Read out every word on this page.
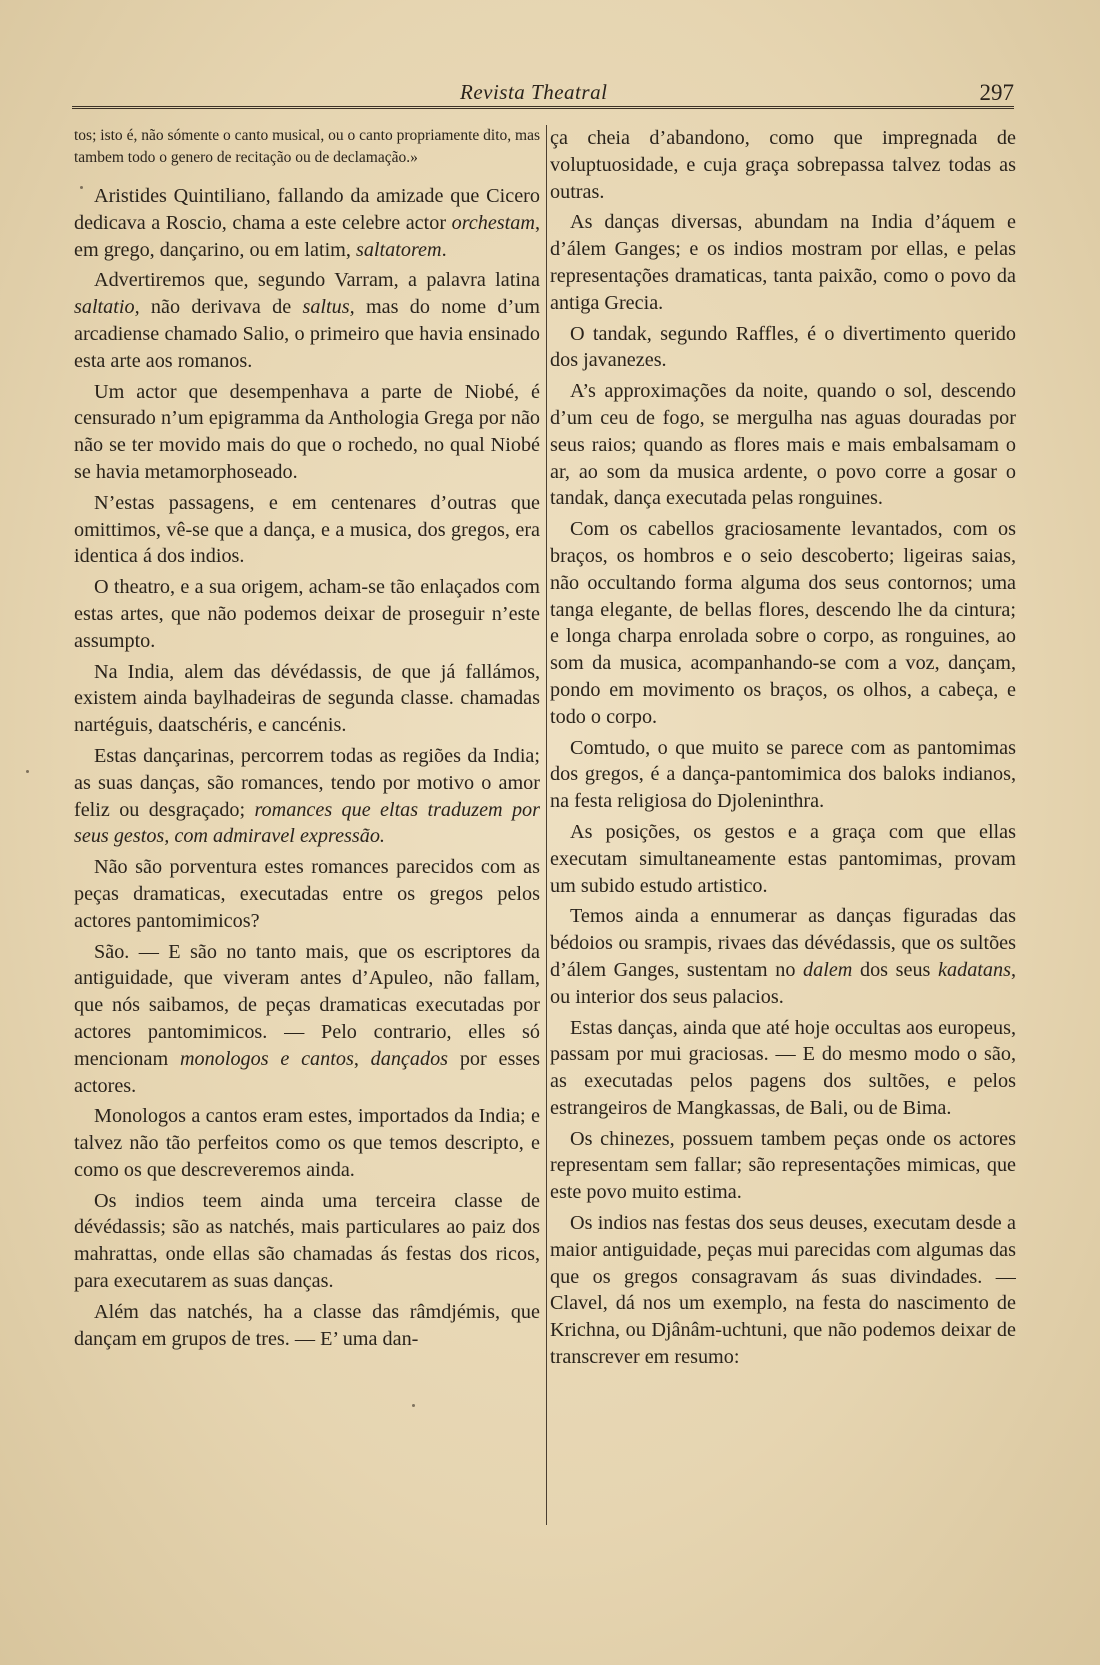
Revista Theatral	297

tos; isto é, não sómente o canto musical, ou o canto propriamente dito, mas tambem todo o genero de recitação ou de declamação.»

Aristides Quintiliano, fallando da amizade que Cicero dedicava a Roscio, chama a este celebre actor orchestam, em grego, dançarino, ou em latim, saltatorem.

Advertiremos que, segundo Varram, a palavra latina saltatio, não derivava de saltus, mas do nome d’um arcadiense chamado Salio, o primeiro que havia ensinado esta arte aos romanos.

Um actor que desempenhava a parte de Niobé, é censurado n’um epigramma da Anthologia Grega por não não se ter movido mais do que o rochedo, no qual Niobé se havia metamorphoseado.

N’estas passagens, e em centenares d’outras que omittimos, vê-se que a dança, e a musica, dos gregos, era identica á dos indios.

O theatro, e a sua origem, acham-se tão enlaçados com estas artes, que não podemos deixar de proseguir n’este assumpto.

Na India, alem das dévédassis, de que já fallámos, existem ainda baylhadeiras de segunda classe. chamadas nartéguis, daatschéris, e cancénis.

Estas dançarinas, percorrem todas as regiões da India; as suas danças, são romances, tendo por motivo o amor feliz ou desgraçado; romances que eltas traduzem por seus gestos, com admiravel expressão.

Não são porventura estes romances parecidos com as peças dramaticas, executadas entre os gregos pelos actores pantomimicos?

São. — E são no tanto mais, que os escriptores da antiguidade, que viveram antes d’Apuleo, não fallam, que nós saibamos, de peças dramaticas executadas por actores pantomimicos. — Pelo contrario, elles só mencionam monologos e cantos, dançados por esses actores.

Monologos a cantos eram estes, importados da India; e talvez não tão perfeitos como os que temos descripto, e como os que descreveremos ainda.

Os indios teem ainda uma terceira classe de dévédassis; são as natchés, mais particulares ao paiz dos mahrattas, onde ellas são chamadas ás festas dos ricos, para executarem as suas danças.

Além das natchés, ha a classe das râmdjémis, que dançam em grupos de tres. — E’ uma dan-

ça cheia d’abandono, como que impregnada de voluptuosidade, e cuja graça sobrepassa talvez todas as outras.

As danças diversas, abundam na India d’áquem e d’álem Ganges; e os indios mostram por ellas, e pelas representações dramaticas, tanta paixão, como o povo da antiga Grecia.

O tandak, segundo Raffles, é o divertimento querido dos javanezes.

A’s approximações da noite, quando o sol, descendo d’um ceu de fogo, se mergulha nas aguas douradas por seus raios; quando as flores mais e mais embalsamam o ar, ao som da musica ardente, o povo corre a gosar o tandak, dança executada pelas ronguines.

Com os cabellos graciosamente levantados, com os braços, os hombros e o seio descoberto; ligeiras saias, não occultando forma alguma dos seus contornos; uma tanga elegante, de bellas flores, descendo lhe da cintura; e longa charpa enrolada sobre o corpo, as ronguines, ao som da musica, acompanhando-se com a voz, dançam, pondo em movimento os braços, os olhos, a cabeça, e todo o corpo.

Comtudo, o que muito se parece com as pantomimas dos gregos, é a dança-pantomimica dos baloks indianos, na festa religiosa do Djoleninthra.

As posições, os gestos e a graça com que ellas executam simultaneamente estas pantomimas, provam um subido estudo artistico.

Temos ainda a ennumerar as danças figuradas das bédoios ou srampis, rivaes das dévédassis, que os sultões d’álem Ganges, sustentam no dalem dos seus kadatans, ou interior dos seus palacios.

Estas danças, ainda que até hoje occultas aos europeus, passam por mui graciosas. — E do mesmo modo o são, as executadas pelos pagens dos sultões, e pelos estrangeiros de Mangkassas, de Bali, ou de Bima.

Os chinezes, possuem tambem peças onde os actores representam sem fallar; são representações mimicas, que este povo muito estima.

Os indios nas festas dos seus deuses, executam desde a maior antiguidade, peças mui parecidas com algumas das que os gregos consagravam ás suas divindades. — Clavel, dá nos um exemplo, na festa do nascimento de Krichna, ou Djânâm-uchtuni, que não podemos deixar de transcrever em resumo:
